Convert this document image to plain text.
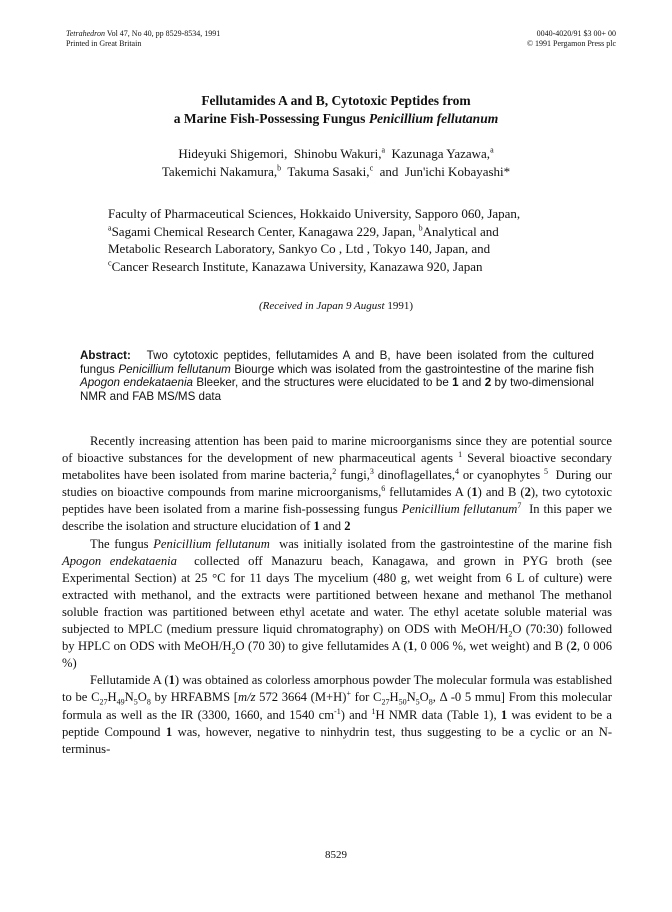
Tetrahedron Vol 47, No 40, pp 8529-8534, 1991
Printed in Great Britain
0040-4020/91 $3 00+ 00
© 1991 Pergamon Press plc
Fellutamides A and B, Cytotoxic Peptides from
a Marine Fish-Possessing Fungus Penicillium fellutanum
Hideyuki Shigemori, Shinobu Wakuri,$^a$ Kazunaga Yazawa,$^a$
Takemichi Nakamura,$^b$ Takuma Sasaki,$^c$ and Jun'ichi Kobayashi*
Faculty of Pharmaceutical Sciences, Hokkaido University, Sapporo 060, Japan,
$^a$Sagami Chemical Research Center, Kanagawa 229, Japan, $^b$Analytical and
Metabolic Research Laboratory, Sankyo Co , Ltd , Tokyo 140, Japan, and
$^c$Cancer Research Institute, Kanazawa University, Kanazawa 920, Japan
(Received in Japan 9 August 1991)
Abstract: Two cytotoxic peptides, fellutamides A and B, have been isolated from the cultured fungus Penicillium fellutanum Biourge which was isolated from the gastrointestine of the marine fish Apogon endekataenia Bleeker, and the structures were elucidated to be 1 and 2 by two-dimensional NMR and FAB MS/MS data

Recently increasing attention has been paid to marine microorganisms since they are potential source of bioactive substances for the development of new pharmaceutical agents $^1$ Several bioactive secondary metabolites have been isolated from marine bacteria,$^2$ fungi,$^3$ dinoflagellates,$^4$ or cyanophytes $^5$ During our studies on bioactive compounds from marine microorganisms,$^6$ fellutamides A (1) and B (2), two cytotoxic peptides have been isolated from a marine fish-possessing fungus Penicillium fellutanum$^7$ In this paper we describe the isolation and structure elucidation of 1 and 2

The fungus Penicillium fellutanum was initially isolated from the gastrointestine of the marine fish Apogon endekataenia collected off Manazuru beach, Kanagawa, and grown in PYG broth (see Experimental Section) at 25 °C for 11 days The mycelium (480 g, wet weight from 6 L of culture) were extracted with methanol, and the extracts were partitioned between hexane and methanol The methanol soluble fraction was partitioned between ethyl acetate and water. The ethyl acetate soluble material was subjected to MPLC (medium pressure liquid chromatography) on ODS with MeOH/$H_2O$ (70:30) followed by HPLC on ODS with MeOH/$H_2O$ (70 30) to give fellutamides A (1, 0 006 %, wet weight) and B (2, 0 006 %)

Fellutamide A (1) was obtained as colorless amorphous powder The molecular formula was established to be $C_{27}H_{49}N_5O_8$ by HRFABMS [m/z 572 3664 (M+H)+ for $C_{27}H_{50}N_5O_8$, Δ -0 5 mmu] From this molecular formula as well as the IR (3300, 1660, and 1540 $cm^{-1}$) and $^1$H NMR data (Table 1), 1 was evident to be a peptide Compound 1 was, however, negative to ninhydrin test, thus suggesting to be a cyclic or an N-terminus-

8529
